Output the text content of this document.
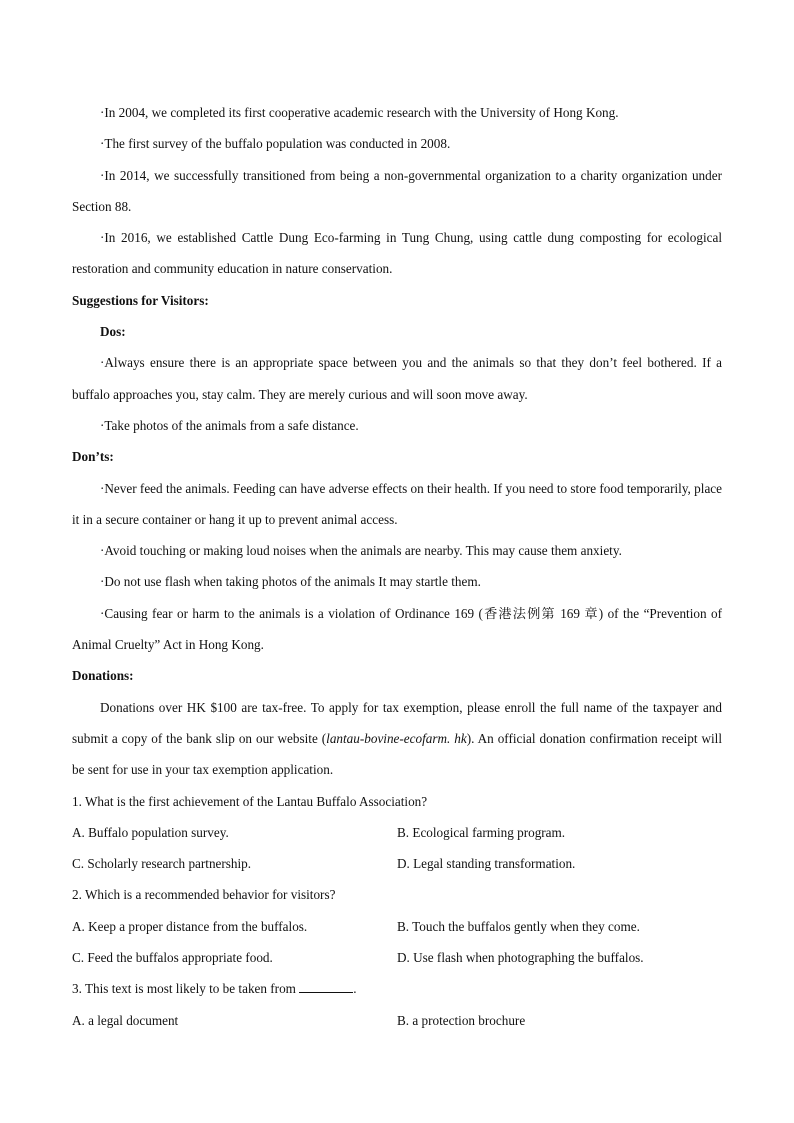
·In 2004, we completed its first cooperative academic research with the University of Hong Kong.

·The first survey of the buffalo population was conducted in 2008.

·In 2014, we successfully transitioned from being a non-governmental organization to a charity organization under Section 88.

·In 2016, we established Cattle Dung Eco-farming in Tung Chung, using cattle dung composting for ecological restoration and community education in nature conservation.

Suggestions for Visitors:

Dos:

·Always ensure there is an appropriate space between you and the animals so that they don’t feel bothered. If a buffalo approaches you, stay calm. They are merely curious and will soon move away.

·Take photos of the animals from a safe distance.

Don’ts:

·Never feed the animals. Feeding can have adverse effects on their health. If you need to store food temporarily, place it in a secure container or hang it up to prevent animal access.

·Avoid touching or making loud noises when the animals are nearby. This may cause them anxiety.

·Do not use flash when taking photos of the animals It may startle them.

·Causing fear or harm to the animals is a violation of Ordinance 169 (香港法例第 169 章) of the “Prevention of Animal Cruelty” Act in Hong Kong.

Donations:

Donations over HK $100 are tax-free. To apply for tax exemption, please enroll the full name of the taxpayer and submit a copy of the bank slip on our website (lantau-bovine-ecofarm. hk). An official donation confirmation receipt will be sent for use in your tax exemption application.

1. What is the first achievement of the Lantau Buffalo Association?

A. Buffalo population survey.	B. Ecological farming program.
C. Scholarly research partnership.	D. Legal standing transformation.

2. Which is a recommended behavior for visitors?

A. Keep a proper distance from the buffalos.	B. Touch the buffalos gently when they come.
C. Feed the buffalos appropriate food.	D. Use flash when photographing the buffalos.

3. This text is most likely to be taken from	.

A. a legal document	B. a protection brochure
